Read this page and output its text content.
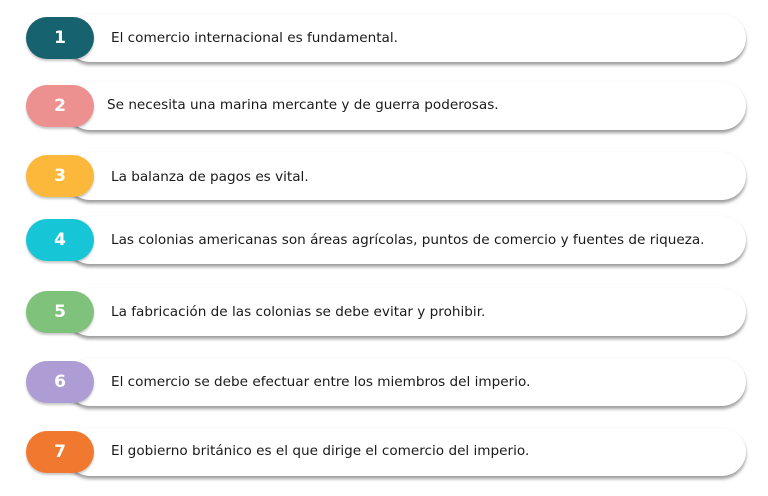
1	El comercio internacional es fundamental.
2	Se necesita una marina mercante y de guerra poderosas.
3	La balanza de pagos es vital.
4	Las colonias americanas son áreas agrícolas, puntos de comercio y fuentes de riqueza.
5	La fabricación de las colonias se debe evitar y prohibir.
6	El comercio se debe efectuar entre los miembros del imperio.
7	El gobierno británico es el que dirige el comercio del imperio.
